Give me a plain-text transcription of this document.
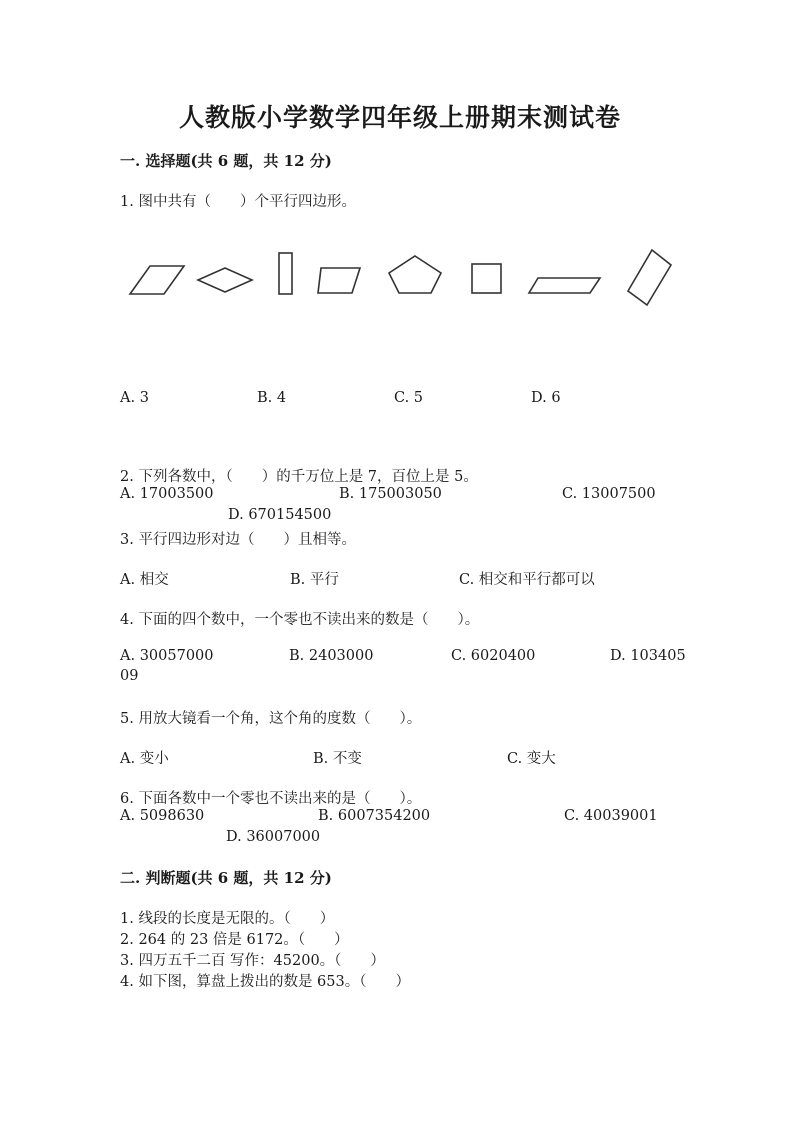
人教版小学数学四年级上册期末测试卷
一. 选择题(共 6 题，共 12 分)
1. 图中共有（　　）个平行四边形。
A. 3	B. 4	C. 5	D. 6
2. 下列各数中，（　　）的千万位上是 7，百位上是 5。
A. 17003500	B. 175003050	C. 13007500
D. 670154500
3. 平行四边形对边（　　）且相等。
A. 相交	B. 平行	C. 相交和平行都可以
4. 下面的四个数中，一个零也不读出来的数是（　　）。
A. 30057000	B. 2403000	C. 6020400	D. 103405
09
5. 用放大镜看一个角，这个角的度数（　　）。
A. 变小	B. 不变	C. 变大
6. 下面各数中一个零也不读出来的是（　　）。
A. 5098630	B. 6007354200	C. 40039001
D. 36007000
二. 判断题(共 6 题，共 12 分)
1. 线段的长度是无限的。（　　）
2. 264 的 23 倍是 6172。（　　）
3. 四万五千二百 写作：45200。（　　）
4. 如下图，算盘上拨出的数是 653。（　　）
